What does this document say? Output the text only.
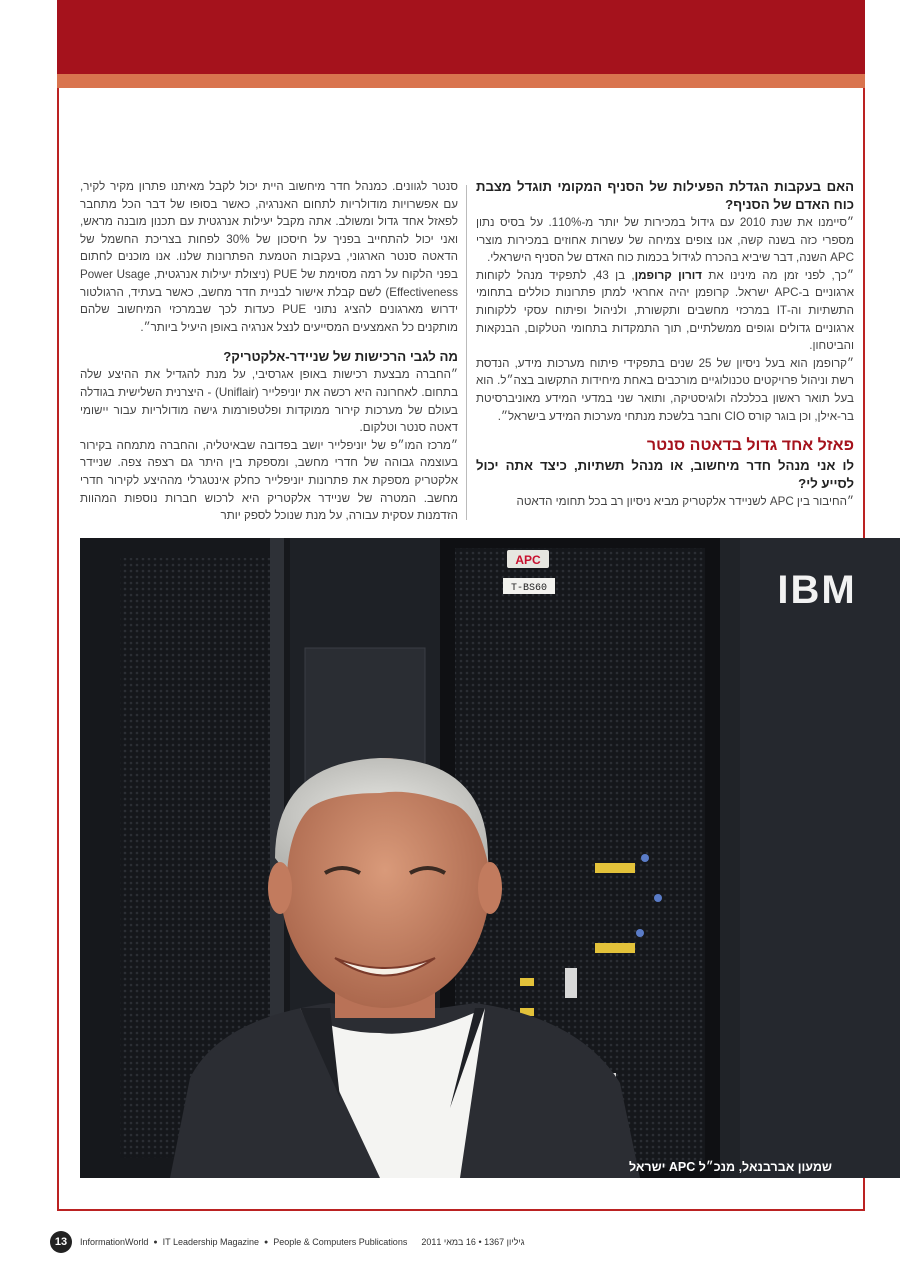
האם בעקבות הגדלת הפעילות של הסניף המקומי תוגדל מצבת כוח האדם של הסניף?

״סיימנו את שנת 2010 עם גידול במכירות של יותר מ-110%. על בסיס נתון מספרי כזה בשנה קשה, אנו צופים צמיחה של עשרות אחוזים במכירות מוצרי APC השנה, דבר שיביא בהכרח לגידול בכמות כוח האדם של הסניף הישראלי.

״כך, לפני זמן מה מינינו את דורון קרופמן, בן 43, לתפקיד מנהל לקוחות ארגוניים ב-APC ישראל. קרופמן יהיה אחראי למתן פתרונות כוללים בתחומי התשתיות וה-IT במרכזי מחשבים ותקשורת, ולניהול ופיתוח עסקי ללקוחות ארגוניים גדולים וגופים ממשלתיים, תוך התמקדות בתחומי הטלקום, הבנקאות והביטחון.

״קרופמן הוא בעל ניסיון של 25 שנים בתפקידי פיתוח מערכות מידע, הנדסת רשת וניהול פרויקטים טכנולוגיים מורכבים באחת מיחידות התקשוב בצה״ל. הוא בעל תואר ראשון בכלכלה ולוגיסטיקה, ותואר שני במדעי המידע מאוניברסיטת בר-אילן, וכן בוגר קורס CIO וחבר בלשכת מנתחי מערכות המידע בישראל״.

פאזל אחד גדול בדאטה סנטר

לו אני מנהל חדר מיחשוב, או מנהל תשתיות, כיצד אתה יכול לסייע לי?

״החיבור בין APC לשניידר אלקטריק מביא ניסיון רב בכל תחומי הדאטה

סנטר לגוונים. כמנהל חדר מיחשוב היית יכול לקבל מאיתנו פתרון מקיר לקיר, עם אפשרויות מודולריות לתחום האנרגיה, כאשר בסופו של דבר הכל מתחבר לפאזל אחד גדול ומשולב. אתה מקבל יעילות אנרגטית עם תכנון מובנה מראש, ואני יכול להתחייב בפניך על חיסכון של 30% לפחות בצריכת החשמל של הדאטה סנטר הארגוני, בעקבות הטמעת הפתרונות שלנו. אנו מוכנים לחתום בפני הלקוח על רמה מסוימת של PUE (ניצולת יעילות אנרגטית, Power Usage Effectiveness) לשם קבלת אישור לבניית חדר מחשב, כאשר בעתיד, הרגולטור ידרוש מארגונים להציג נתוני PUE כעדות לכך שבמרכזי המיחשוב שלהם מותקנים כל האמצעים המסייעים לנצל אנרגיה באופן היעיל ביותר״.

מה לגבי הרכישות של שניידר-אלקטריק?

״החברה מבצעת רכישות באופן אגרסיבי, על מנת להגדיל את ההיצע שלה בתחום. לאחרונה היא רכשה את יוניפלייר (Uniflair) - היצרנית השלישית בגודלה בעולם של מערכות קירור ממוקדות ופלטפורמות גישה מודולריות עבור יישומי דאטה סנטר וטלקום.

״מרכז המו״פ של יוניפלייר יושב בפדובה שבאיטליה, והחברה מתמחה בקירור בעוצמה גבוהה של חדרי מחשב, ומספקת בין היתר גם רצפה צפה. שניידר אלקטריק מספקת את פתרונות יוניפלייר כחלק אינטגרלי מההיצע לקירור חדרי מחשב. המטרה של שניידר אלקטריק היא לרכוש חברות נוספות המהוות הזדמנות עסקית עבורה, על מנת שנוכל לספק יותר

APC
T-BS60	IBM
שמעון אברבנאל, מנכ״ל APC ישראל
13	InformationWorld ● IT Leadership Magazine ● People & Computers Publications גיליון 1367 • 16 במאי 2011
